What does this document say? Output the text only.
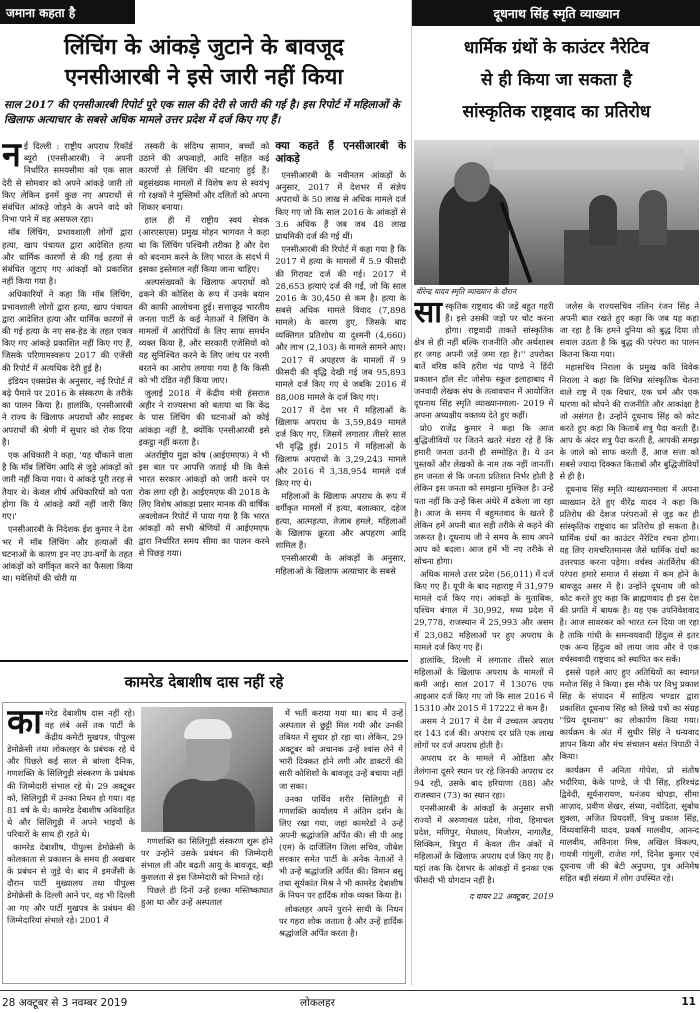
जमाना कहता है
लिंचिंग के आंकड़े जुटाने के बावजूद
एनसीआरबी ने इसे जारी नहीं किया
साल 2017 की एनसीआरबी रिपोर्ट पूरे एक साल की देरी से जारी की गई है। इस रिपोर्ट में महिलाओं के खिलाफ अत्याचार के सबसे अधिक मामले उत्तर प्रदेश में दर्ज किए गए हैं।

नई दिल्ली : राष्ट्रीय अपराध रिकॉर्ड ब्यूरो (एनसीआरबी) ने अपनी निर्धारित समयसीमा को एक साल देरी से सोमवार को अपने आंकड़े जारी तो किए लेकिन इनमें कुछ नए अपराधों से संबंधित आंकड़े जोड़ने के अपने वादे को निभा पाने में वह असफल रहा।

मॉब लिंचिंग, प्रभावशाली लोगों द्वारा हत्या, खाप पंचायत द्वारा आदेशित हत्या और धार्मिक कारणों से की गई हत्या से संबंधित जुटाए गए आंकड़ों को प्रकाशित नहीं किया गया है।

अधिकारियों ने कहा कि मॉब लिंचिंग, प्रभावशाली लोगों द्वारा हत्या, खाप पंचायत द्वारा आदेशित हत्या और धार्मिक कारणों से की गई हत्या के नए सब-हेड के तहत एकत्र किए गए आंकड़े प्रकाशित नहीं किए गए हैं, जिसके परिणामस्वरूप 2017 की एजेंसी की रिपोर्ट में अत्यधिक देरी हुई है।

इंडियन एक्सप्रेस के अनुसार, नई रिपोर्ट में बढ़े पैमाने पर 2016 के संस्करण के तरीके का पालन किया है। हालांकि, एनसीआरबी ने राज्य के खिलाफ अपराधों और साइबर अपराधों की श्रेणी में सुधार को रोक दिया है।

एक अधिकारी ने कहा, 'यह चौंकाने वाला है कि मॉब लिंचिंग आदि से जुड़े आंकड़ों को जारी नहीं किया गया। ये आंकड़े पूरी तरह से तैयार थे। केवल शीर्ष अधिकारियों को पता होगा कि ये आंकड़े क्यों नहीं जारी किए गए।'

एनसीआरबी के निदेशक ईश कुमार ने देश भर में मॉब लिंचिंग और हत्याओं की घटनाओं के कारण इन नए उप-वर्गों के तहत आंकड़ों को वर्गीकृत करने का फैसला किया था। मवेशियों की चोरी या

तस्करी के संदिग्ध सामान, बच्चों को उठाने की अफवाहों, आदि सहित कई कारणों से लिंचिंग की घटनाएं हुई हैं। बहुसंख्यक मामलों में विशेष रूप से स्वयंभू गो रक्षकों ने मुस्लिमों और दलितों को अपना शिकार बनाया।

हाल ही में राष्ट्रीय स्वयं सेवक (आरएसएस) प्रमुख मोहन भागवत ने कहा था कि लिंचिंग पश्चिमी तरीका है और देश को बदनाम करने के लिए भारत के संदर्भ में इसका इस्तेमाल नहीं किया जाना चाहिए।

अल्पसंख्यकों के खिलाफ अपराधों को ढकने की कोशिश के रूप में उनके बयान की काफी आलोचना हुई। सत्ताकूढ़ भारतीय जनता पार्टी के कई नेताओं ने लिंचिंग के मामलों में आरोपियों के लिए साफ समर्थन व्यक्त किया है, और सरकारी एजेंसियों को यह सुनिश्चित करने के लिए जांच पर नरमी बरतने का आरोप लगाया गया है कि किसी को भी दंडित नहीं किया जाए।

जुलाई 2018 में केंद्रीय मंत्री हंसराज अहीर ने राज्यसभा को बताया था कि केंद्र के पास लिंचिंग की घटनाओं को कोई आंकड़ा नहीं है, क्योंकि एनसीआरबी इसे इकट्ठा नहीं करता है।

अंतर्राष्ट्रीय मुद्रा कोष (आईएमएफ) ने भी इस बात पर आपत्ति जताई थी कि कैसे भारत सरकार आंकड़ों को जारी करने पर रोक लगा रही है। आईएमएफ की 2018 के लिए विशेष आंकड़ा प्रसार मानक की वार्षिक अवलोकन रिपोर्ट में पाया गया है कि भारत आंकड़ों को सभी श्रेणियों में आईएमएफ द्वारा निर्धारित समय सीमा का पालन करने से पिछड़ गया।

क्या कहते हैं एनसीआरबी के आंकड़े

एनसीआरबी के नवीनतम आंकड़ों के अनुसार, 2017 में देशभर में संज्ञेय अपराधों के 50 लाख से अधिक मामले दर्ज किए गए जो कि साल 2016 के आंकड़ों से 3.6 अधिक हैं जब जब 48 लाख प्राथमिकी दर्ज की गई थीं।

एनसीआरबी की रिपोर्ट में कहा गया है कि 2017 में हत्या के मामलों में 5.9 फीसदी की गिरावट दर्ज की गई। 2017 में 28,653 हत्याएं दर्ज की गईं, जो कि साल 2016 के 30,450 से कम है। हत्या के सबसे अधिक मामले विवाद (7,898 मामले) के कारण हुए, जिसके बाद व्यक्तिगत प्रतिशोध या दुश्मनी (4,660) और लाभ (2,103) के मामले सामने आए।

2017 में अपहरण के मामलों में 9 फीसदी की वृद्धि देखी गई जब 95,893 मामले दर्ज किए गए थे जबकि 2016 में 88,008 मामले के दर्ज किए गए।

2017 में देश भर में महिलाओं के खिलाफ अपराध के 3,59,849 मामले दर्ज किए गए, जिसमें लगातार तीसरे साल भी वृद्धि हुई। 2015 में महिलाओं के खिलाफ अपराधों के 3,29,243 मामले और 2016 में 3,38,954 मामले दर्ज किए गए थे।

महिलाओं के खिलाफ अपराध के रूप में वर्गीकृत मामलों में हत्या, बलात्कार, दहेज हत्या, आत्महत्या, तेजाब हमले, महिलाओं के खिलाफ क्रूरता और अपहरण आदि शामिल हैं।

एनसीआरबी के आंकड़ों के अनुसार, महिलाओं के खिलाफ अत्याचार के सबसे

दूधनाथ सिंह स्मृति व्याख्यान
धार्मिक ग्रंथों के काउंटर नैरेटिव
से ही किया जा सकता है
सांस्कृतिक राष्ट्रवाद का प्रतिरोध
वीरेन्द्र यादव स्मृति व्याख्यान के दौरान

सास्कृतिक राष्ट्रवाद की जड़ें बहुत गहरी हैं। इसे उसकी जड़ों पर चोट करना होगा। राष्ट्रवादी ताकतें सांस्कृतिक क्षेत्र से ही नहीं बल्कि राजनीति और अर्थशास्त्र हर जगह अपनी जड़ें जमा रहा है।'' उपरोक्त बातें वरिष्ठ कवि हरीश चंद्र पाण्डे ने हिंदी प्रकाशन हॉल सेंट जोसेफ स्कूल इलाहाबाद में जनवादी लेखक संघ के तत्वावधान में आयोजित दूधनाथ सिंह स्मृति व्याख्यानमाला- 2019 में अपना अध्यक्षीय वक्तव्य देते हुए कहीं।

प्रो0 राजेंद्र कुमार ने कहा कि आज बुद्धिजीवियों पर जितने खतरे मंडरा रहे हैं कि हमारी जनता उतनी ही सम्मोहित है। ये उन पुस्तकों और लेखकों के नाम तक नहीं जानतीं। हम जनता से कि जनता प्रतिशत निर्भर होती है लेकिन इस जनता को समझना मुश्किल है। उन्हें पता नहीं कि उन्हें किस अंधेरे में ढकेला जा रहा है। आज के समय में बहुमतवाद के खतरे हैं लेकिन हमें अपनी बात सही तरीके से कहने की जरूरत है। दूधनाथ जी ने समय के साथ अपने आप को बदला। आज हमें भी नए तरीके से सोचना होगा।

अधिक मामले उत्तर प्रदेश (56,011) में दर्ज किए गए हैं। यूपी के बाद महाराष्ट्र में 31,979 मामले दर्ज किए गए। आंकड़ों के मुताबिक, पश्चिम बंगाल में 30,992, मध्य प्रदेश में 29,778, राजस्थान में 25,993 और असम में 23,082 महिलाओं पर हुए अपराध के मामले दर्ज किए गए हैं।

हालांकि, दिल्ली में लगातार तीसरे साल महिलाओं के खिलाफ अपराध के मामलों में कमी आई। साल 2017 में 13076 एफ आइआर दर्ज किए गए जो कि साल 2016 में 15310 और 2015 में 17222 से कम हैं।

असम ने 2017 में देश में उच्चतम अपराध दर 143 दर्ज की। अपराध दर प्रति एक लाख लोगों पर दर्ज अपराध होती है।

अपराध दर के मामले में ओडिशा और तेलंगाना दूसरे स्थान पर रहे जिनकी अपराध दर 94 रही, उसके बाद हरियाणा (88) और राजस्थान (73) का स्थान रहा।

एनसीआरबी के आंकड़ों के अनुसार सभी राज्यों में अरुणाचल प्रदेश, गोवा, हिमाचल प्रदेश, मणिपुर, मेघालय, मिजोरम, नागालैंड, सिक्किम, त्रिपुरा में केवल तीन अंकों में महिलाओं के खिलाफ अपराध दर्ज किए गए हैं। यहां तक कि देशभर के आंकड़ों में इनका एक फीसदी भी योगदान नहीं है।

द वायर 22 अक्टूबर, 2019

जलेस के राज्यसचिव नलिन रंजन सिंह ने अपनी बात रखते हुए कहा कि जब यह कहा जा रहा है कि हमने दुनिया को बुद्ध दिया तो सवाल उठता है कि बुद्ध की परंपरा का पालन कितना किया गया।

महासचिव निराला के प्रमुख कवि विवेक निराला ने कहा कि विभिन्न सांस्कृतिक चेतना वाले राष्ट्र में एक विचार, एक धर्म और एक धारणा को थोपने की राजनीति और आकांक्षा है जो असंगत है। उन्होंने दूधनाथ सिंह को कोट करते हुए कहा कि किताबें शत्रु पैदा करती हैं। आप के अंदर शत्रु पैदा करती हैं, आपकी समझ के जाले को साफ करती हैं, आज सत्ता को सबसे ज्यादा दिक्कत किताबों और बुद्धिजीवियों से ही है।

दूधनाथ सिंह स्मृति व्याख्यानमाला में अपना व्याख्यान देते हुए वीरेंद्र यादव ने कहा कि प्रतिरोध की देशज परंपराओं से जुड़ कर ही सांस्कृतिक राष्ट्रवाद का प्रतिरोध हो सकता है। धार्मिक ग्रंथों का काउंटर नैरेटिव रचना होगा। यह लिए रामचरितमानस जैसे धार्मिक ग्रंथों का उत्तरपाठ करना पड़ेगा। वर्चस्व अंतर्विरोध की परंपरा हमारे समाज में संख्या में कम होने के बावजूद असर में है। उन्होंने दूधनाथ जी को कोट करते हुए कहा कि ब्राह्मणवाद ही इस देश की प्रगति में बाधक है। यह एक उपनिवेशवाद है। आज सावरकर को भारत रत्न दिया जा रहा है ताकि गांधी के समन्वयवादी हिंदुत्व से इतर एक अन्य हिंदुत्व को लाया जाय और वे एक वर्चस्ववादी राष्ट्रवाद को स्थापित कर सकें।

इससे पहले आए हुए अतिथियों का स्वागत मनोज सिंह ने किया। इस मौके पर विभु प्रकाश सिंह के संपादन में साहित्य भण्डार द्वारा प्रकाशित दूधनाथ सिंह को लिखे पत्रों का संग्रह ''प्रिय दूधनाथ'' का लोकार्पण किया गया। कार्यक्रम के अंत में सुधीर सिंह ने धन्यवाद ज्ञापन किया और मंच संचालन बसंत त्रिपाठी ने किया।

कार्यक्रम में अनिता गोपेश, प्रो संतोष भदौरिया, केके पाण्डे, जे पी सिंह, हरिश्चंद्र द्विवेदी, सूर्यनारायण, धनंजय चोपड़ा, सीमा आज़ाद, प्रवीण शेखर, संध्या, नवोदिता, सुबोध शुक्ला, अजित प्रियदर्शी, विभु प्रकाश सिंह, विंध्यवासिनी यादव, प्रकर्ष मालवीय, आनन्द मालवीय, अविनाश मिश्र, अखिल विकल्प, गायत्री गांगुली, राजेश गर्ग, दिनेश कुमार एवं दूधनाथ जी की बेटी अनुपमा, पुत्र अनिमेष सहित बड़ी संख्या में लोग उपस्थित रहे।

कामरेड देबाशीष दास नहीं रहे

कामरेड देबाशीष दास नहीं रहे। वह लंबे अर्से तक पार्टी के केंद्रीय कमेटी मुखपत्र, पीपुल्स डेमोक्रेसी तथा लोकलहर के प्रबंधक रहे थे और पिछले कई साल से बांग्ला दैनिक, गणशक्ति के सिलिगुड़ी संस्करण के प्रबंधक की जिम्मेदारी संभाल रहे थे। 29 अक्टूबर को, सिलिगुड़ी में उनका निधन हो गया। वह 81 वर्ष के थे। कामरेड देबाशीष अविवाहित थे और सिलिगुड़ी में अपने भाइयों के परिवारों के साथ ही रहते थे।

कामरेड देबाशीष, पीपुल्स डेमोक्रेसी के कोलकाता से प्रकाशन के समय ही अखबार के प्रबंधन से जुड़े थे। बाद में इमर्जेंसी के दौरान पार्टी मुख्यालय तथा पीपुल्स डेमोक्रेसी के दिल्ली आने पर, वह भी दिल्ली आ गए और पार्टी मुखपत्र के प्रबंधन की जिम्मेदारियां संभाले रहे। 2001 में

गणशक्ति का सिलिगुड़ी संस्करण शुरू होने पर उन्होंने उसके प्रबंधन की जिम्मेदारी संभाल ली और बढ़ती आयु के बावजूद, बड़ी कुशलता से इस जिम्मेदारी को निभाते रहे।

पिछले ही दिनों उन्हें हल्का मस्तिष्काघात हुआ था और उन्हें अस्पताल

में भर्ती कराया गया था। बाद में उन्हें अस्पताल से छुट्टी मिल गयी और उनकी तबियत में सुधार हो रहा था। लेकिन, 29 अक्टूबर को अचानक उन्हें श्वांस लेने में भारी दिक्कत होने लगी और डाक्टरों की सारी कोशिशों के बावजूद उन्हें बचाया नहीं जा सका।

उनका पार्थिव शरीर सिलिगुड़ी में गणशक्ति कार्यालय में अंतिम दर्शन के लिए रखा गया, जहां कामरेडों ने उन्हें अपनी श्रद्धांजलि अर्पित की। सी पी आइ (एम) के दार्जिलिंग जिला सचिव, जीबेश सरकार समेत पार्टी के अनेक नेताओं ने भी उन्हें श्रद्धांजलि अर्पित की। विमान बसु तथा सूर्यकांत मिश्र ने भी कामरेड देबाशीष के निधन पर हार्दिक शोक व्यक्त किया है।

लोकलहर अपने पुराने साथी के निधन पर गहरा शोक जताता है और उन्हें हार्दिक श्रद्धांजलि अर्पित करता है।

28 अक्टूबर से 3 नवम्बर 2019	लोकलहर	11
